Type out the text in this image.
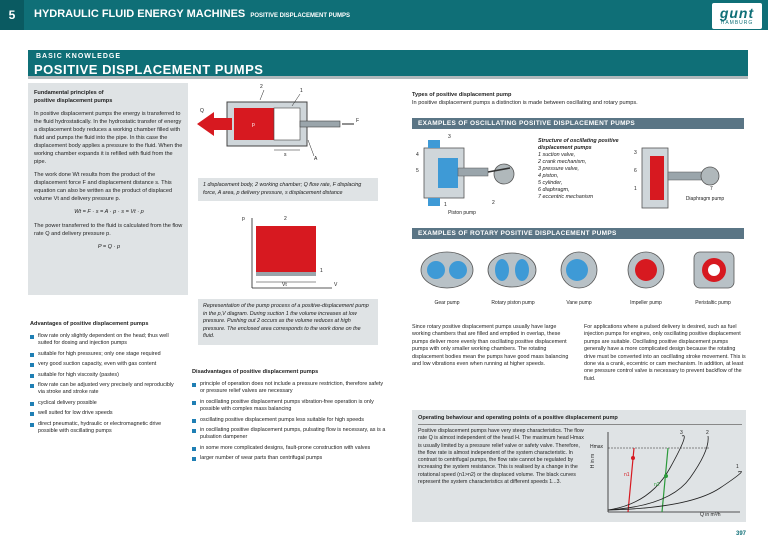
5	HYDRAULIC FLUID ENERGY MACHINES POSITIVE DISPLACEMENT PUMPS	gunt
HAMBURG
BASIC KNOWLEDGE
POSITIVE DISPLACEMENT PUMPS
Fundamental principles of
positive displacement pumps
In positive displacement pumps the energy is transferred to the fluid hydrostatically. In the hydrostatic transfer of energy a displacement body reduces a working chamber filled with fluid and pumps the fluid into the pipe. In this case the displacement body applies a pressure to the fluid. When the working chamber expands it is refilled with fluid from the pipe.
The work done Wt results from the product of the displacement force F and displacement distance s. This equation can also be written as the product of displaced volume Vt and delivery pressure p.
Wt = F · s = A · p · s = Vt · p
The power transferred to the fluid is calculated from the flow rate Q and delivery pressure p.
P = Q · p
2
1
Q
p
F
s
A
1 displacement body, 2 working chamber; Q flow rate, F displacing force, A area, p delivery pressure, s displacement distance
p	2
1
Vt	V
Representation of the pump process of a positive-displacement pump in the p,V diagram. During suction 1 the volume increases at low pressure. Pushing out 2 occurs as the volume reduces at high pressure. The enclosed area corresponds to the work done on the fluid.
Advantages of positive displacement pumps
flow rate only slightly dependent on the head; thus well suited for dosing and injection pumps
suitable for high pressures; only one stage required
very good suction capacity, even with gas content
suitable for high viscosity (pastes)
flow rate can be adjusted very precisely and reproducibly via stroke and stroke rate
cyclical delivery possible
well suited for low drive speeds
direct pneumatic, hydraulic or electromagnetic drive possible with oscillating pumps
Disadvantages of positive displacement pumps
principle of operation does not include a pressure restriction, therefore safety or pressure relief valves are necessary
in oscillating positive displacement pumps vibration-free operation is only possible with complex mass balancing
oscillating positive displacement pumps less suitable for high speeds
in oscillating positive displacement pumps, pulsating flow is necessary, as is a pulsation dampener
in some more complicated designs, fault-prone construction with valves
larger number of wear parts than centrifugal pumps
Types of positive displacement pump
In positive displacement pumps a distinction is made between oscillating and rotary pumps.
EXAMPLES OF OSCILLATING POSITIVE DISPLACEMENT PUMPS
3
4
5
1	2
Piston pump
Structure of oscillating positive displacement pumps
1 suction valve,
2 crank mechanism,
3 pressure valve,
4 piston,
5 cylinder,
6 diaphragm,
7 eccentric mechanism
3
6
1	7
Diaphragm pump
EXAMPLES OF ROTARY POSITIVE DISPLACEMENT PUMPS
Gear pump	Rotary piston pump	Vane pump	Impeller pump	Peristaltic pump
Since rotary positive displacement pumps usually have large working chambers that are filled and emptied in overlap, these pumps deliver more evenly than oscillating positive displacement pumps with only smaller working chambers. The rotating displacement bodies mean the pumps have good mass balancing and low vibrations even when running at higher speeds.
For applications where a pulsed delivery is desired, such as fuel injection pumps for engines, only oscillating positive displacement pumps are suitable. Oscillating positive displacement pumps generally have a more complicated design because the rotating drive must be converted into an oscillating stroke movement. This is done via a crank, eccentric or cam mechanism. In addition, at least one pressure control valve is necessary to prevent backflow of the fluid.
Operating behaviour and operating points of a positive displacement pump
Positive displacement pumps have very steep characteristics. The flow rate Q is almost independent of the head H. The maximum head Hmax is usually limited by a pressure relief valve or safety valve. Therefore, the flow rate is almost independent of the system characteristic. In contrast to centrifugal pumps, the flow rate cannot be regulated by increasing the system resistance. This is realised by a change in the rotational speed (n1>n2) or the displaced volume. The black curves represent the system characteristics at different speeds 1...3.
H in m
Hmax
n1
n2
3	2
1
Q in m³/h
397
